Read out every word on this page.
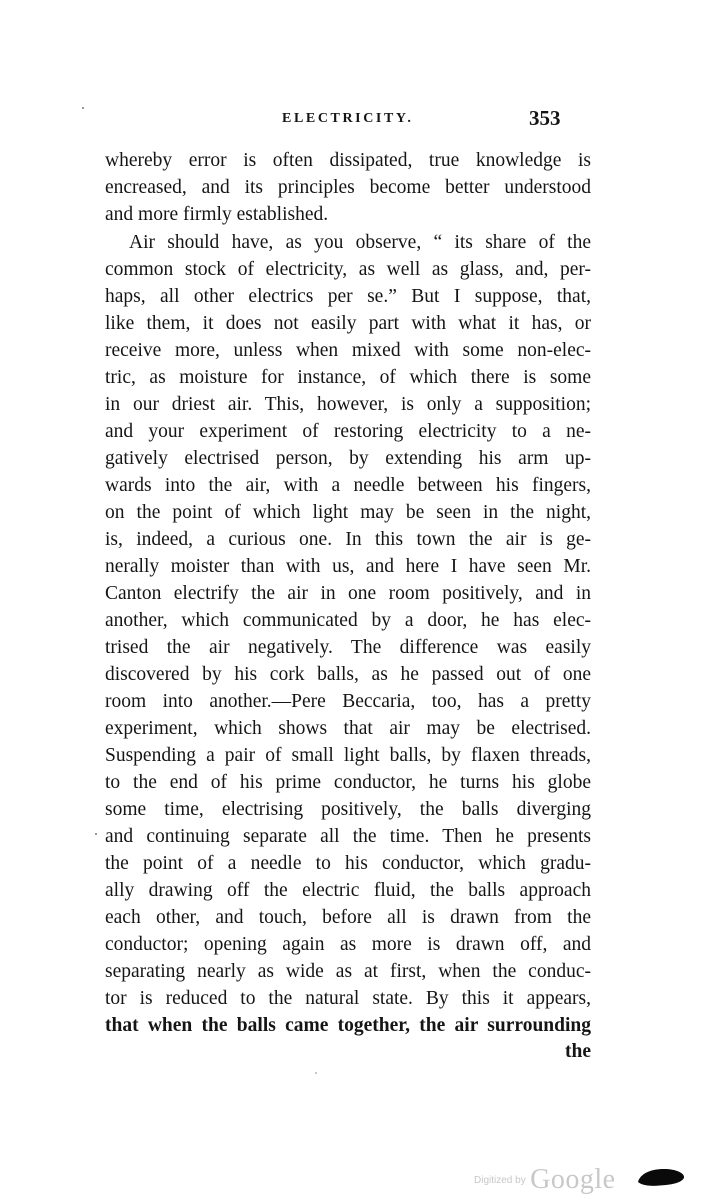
ELECTRICITY.	353
whereby error is often dissipated, true knowledge is
encreased, and its principles become better understood
and more firmly established.
Air should have, as you observe, “ its share of the
common stock of electricity, as well as glass, and, per-
haps, all other electrics per se.” But I suppose, that,
like them, it does not easily part with what it has, or
receive more, unless when mixed with some non-elec-
tric, as moisture for instance, of which there is some
in our driest air. This, however, is only a supposition;
and your experiment of restoring electricity to a ne-
gatively electrised person, by extending his arm up-
wards into the air, with a needle between his fingers,
on the point of which light may be seen in the night,
is, indeed, a curious one. In this town the air is ge-
nerally moister than with us, and here I have seen Mr.
Canton electrify the air in one room positively, and in
another, which communicated by a door, he has elec-
trised the air negatively. The difference was easily
discovered by his cork balls, as he passed out of one
room into another.—Pere Beccaria, too, has a pretty
experiment, which shows that air may be electrised.
Suspending a pair of small light balls, by flaxen threads,
to the end of his prime conductor, he turns his globe
some time, electrising positively, the balls diverging
and continuing separate all the time. Then he presents
the point of a needle to his conductor, which gradu-
ally drawing off the electric fluid, the balls approach
each other, and touch, before all is drawn from the
conductor; opening again as more is drawn off, and
separating nearly as wide as at first, when the conduc-
tor is reduced to the natural state. By this it appears,
that when the balls came together, the air surrounding
the
$^{Digitized by}$ Google
